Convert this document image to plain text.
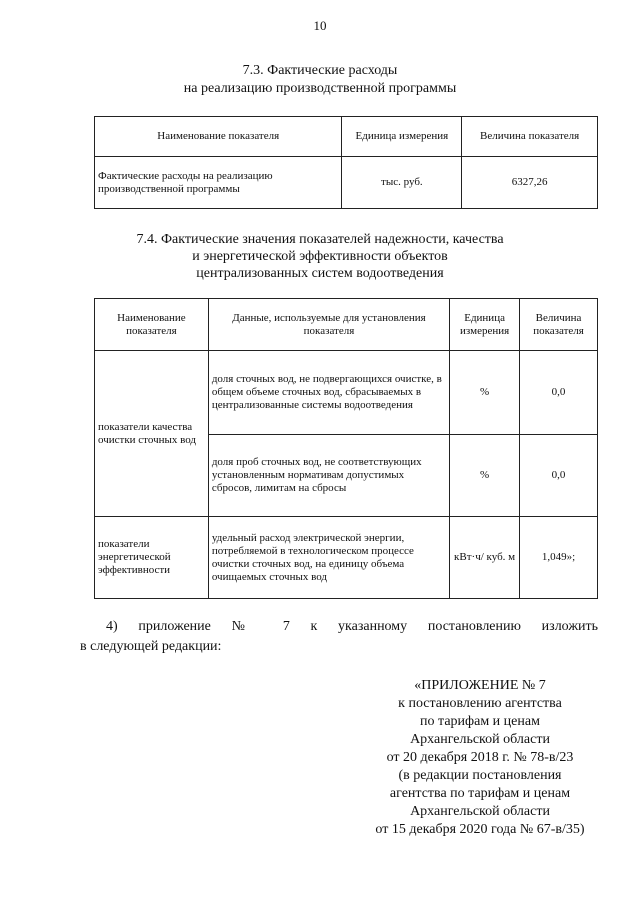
10
7.3. Фактические расходы
на реализацию производственной программы
Наименование показателя	Единица измерения	Величина показателя
Фактические расходы на реализацию производственной программы	тыс. руб.	6327,26
7.4. Фактические значения показателей надежности, качества
и энергетической эффективности объектов
централизованных систем водоотведения
Наименование показателя	Данные, используемые для установления показателя	Единица измерения	Величина показателя
показатели качества очистки сточных вод	доля сточных вод, не подвергающихся очистке, в общем объеме сточных вод, сбрасываемых в централизованные системы водоотведения	%	0,0
	доля проб сточных вод, не соответствующих установленным нормативам допустимых сбросов, лимитам на сбросы	%	0,0
показатели энергетической эффективности	удельный расход электрической энергии, потребляемой в технологическом процессе очистки сточных вод, на единицу объема очищаемых сточных вод	кВт·ч/ куб. м	1,049»;
4) приложение № 7 к указанному постановлению изложить
в следующей редакции:
«ПРИЛОЖЕНИЕ № 7
к постановлению агентства
по тарифам и ценам
Архангельской области
от 20 декабря 2018 г. № 78-в/23
(в редакции постановления
агентства по тарифам и ценам
Архангельской области
от 15 декабря 2020 года № 67-в/35)
